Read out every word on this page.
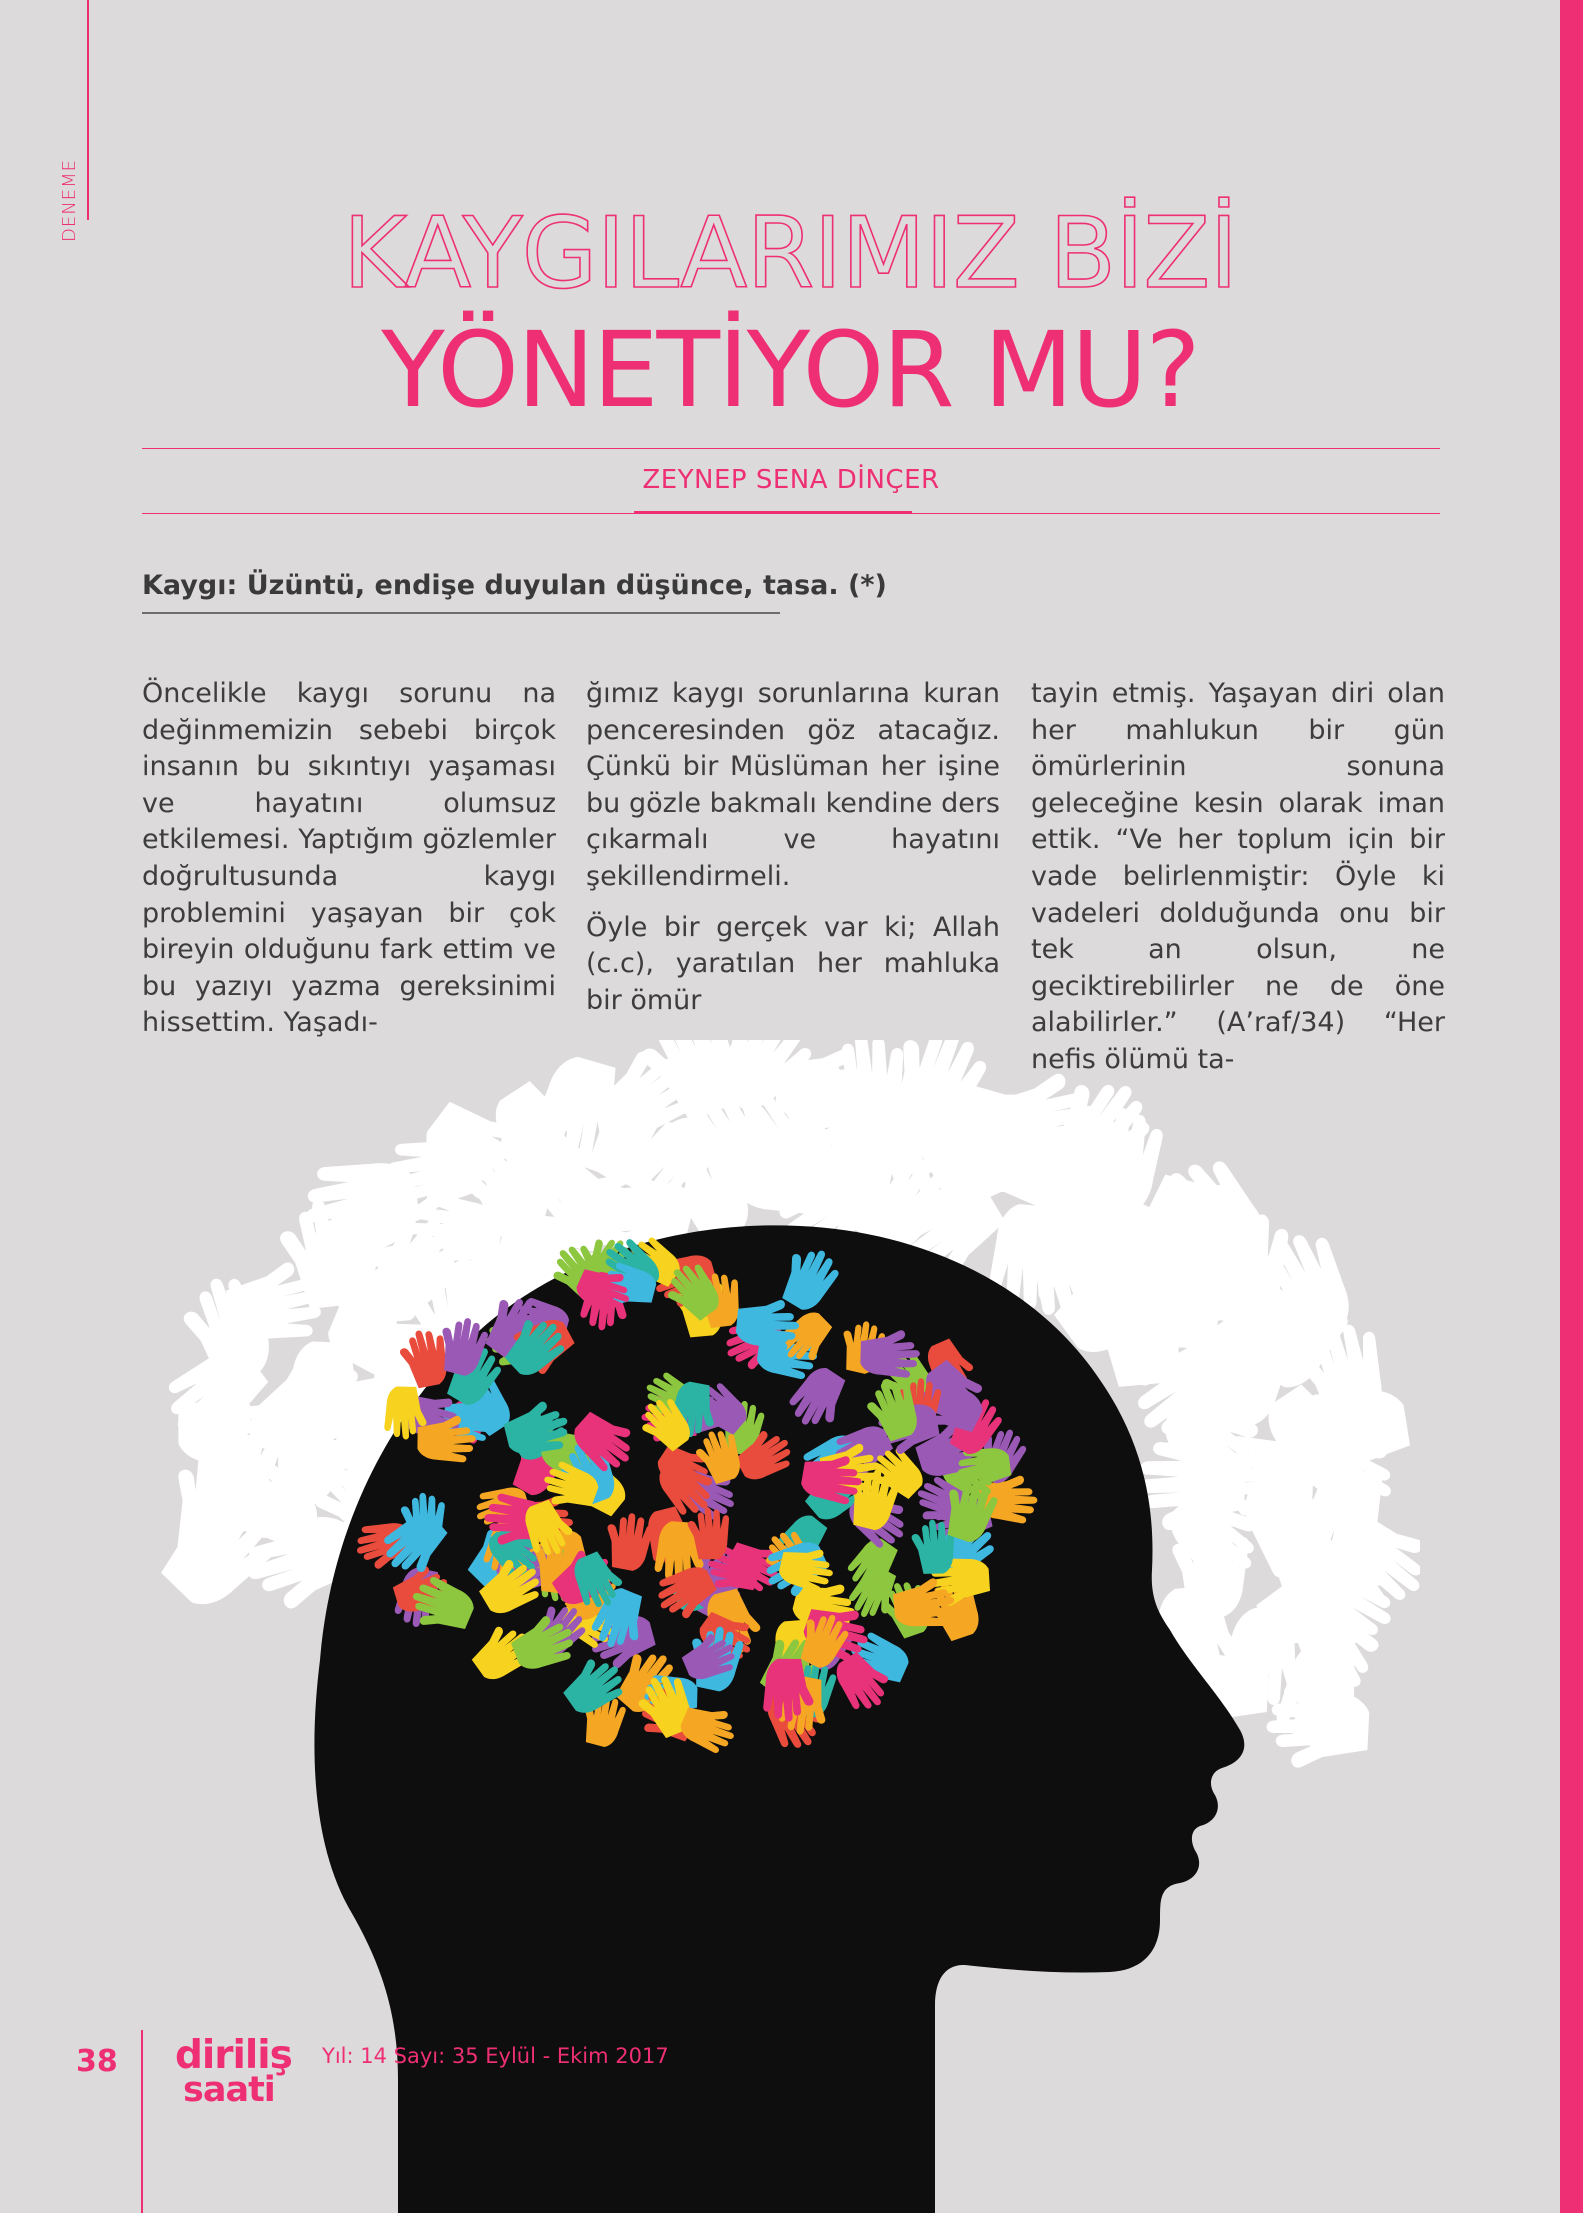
DENEME	KAYGILARIMIZ BİZİ
YÖNETİYOR MU?
ZEYNEP SENA DİNÇER
Kaygı: Üzüntü, endişe duyulan düşünce, tasa. (*)

Öncelikle kaygı sorunu na değinmemizin sebebi birçok insanın bu sıkıntıyı yaşaması ve hayatını olumsuz etkilemesi. Yaptığım gözlemler doğrultusunda kaygı problemini yaşayan bir çok bireyin olduğunu fark ettim ve bu yazıyı yazma gereksinimi hissettim. Yaşadı-

ğımız kaygı sorunlarına kuran penceresinden göz atacağız. Çünkü bir Müslüman her işine bu gözle bakmalı kendine ders çıkarmalı ve hayatını şekillendirmeli.

Öyle bir gerçek var ki; Allah (c.c), yaratılan her mahluka bir ömür

tayin etmiş. Yaşayan diri olan her mahlukun bir gün ömürlerinin sonuna geleceğine kesin olarak iman ettik. “Ve her toplum için bir vade belirlenmiştir: Öyle ki vadeleri dolduğunda onu bir tek an olsun, ne geciktirebilirler ne de öne alabilirler.” (A’raf/34) “Her nefis ölümü ta-

38 diriliş
saati
Yıl: 14 Sayı: 35 Eylül - Ekim 2017
